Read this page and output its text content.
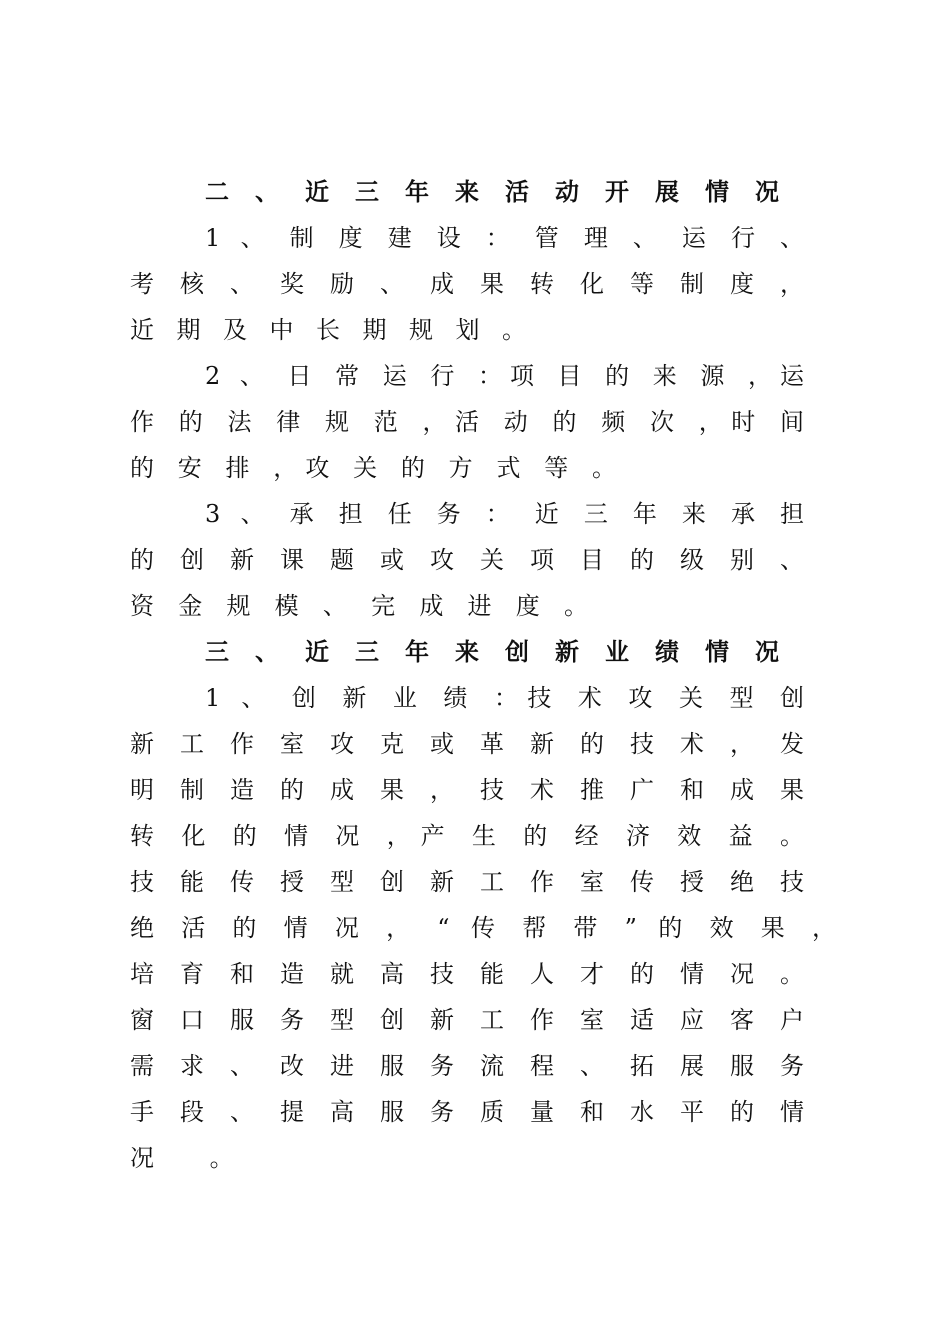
二 、 近 三 年 来 活 动 开 展 情 况
1 、 制 度 建 设 ： 管 理 、 运 行 、
考 核 、 奖 励 、 成 果 转 化 等 制 度 ，
近 期 及 中 长 期 规 划 。
2 、 日 常 运 行 ：项 目 的 来 源 ，运
作 的 法 律 规 范 ，活 动 的 频 次 ，时 间
的 安 排 ，攻 关 的 方 式 等 。
3 、 承 担 任 务 ： 近 三 年 来 承 担
的 创 新 课 题 或 攻 关 项 目 的 级 别 、
资 金 规 模 、 完 成 进 度 。
三 、 近 三 年 来 创 新 业 绩 情 况
1 、 创 新 业 绩 ：技 术 攻 关 型 创
新 工 作 室 攻 克 或 革 新 的 技 术 ， 发
明 制 造 的 成 果 ， 技 术 推 广 和 成 果
转 化 的 情 况 ，产 生 的 经 济 效 益 。
技 能 传 授 型 创 新 工 作 室 传 授 绝 技
绝 活 的 情 况 ， “ 传 帮 带 ” 的 效 果 ，
培 育 和 造 就 高 技 能 人 才 的 情 况 。
窗 口 服 务 型 创 新 工 作 室 适 应 客 户
需 求 、 改 进 服 务 流 程 、 拓 展 服 务
手 段 、 提 高 服 务 质 量 和 水 平 的 情
况 。
